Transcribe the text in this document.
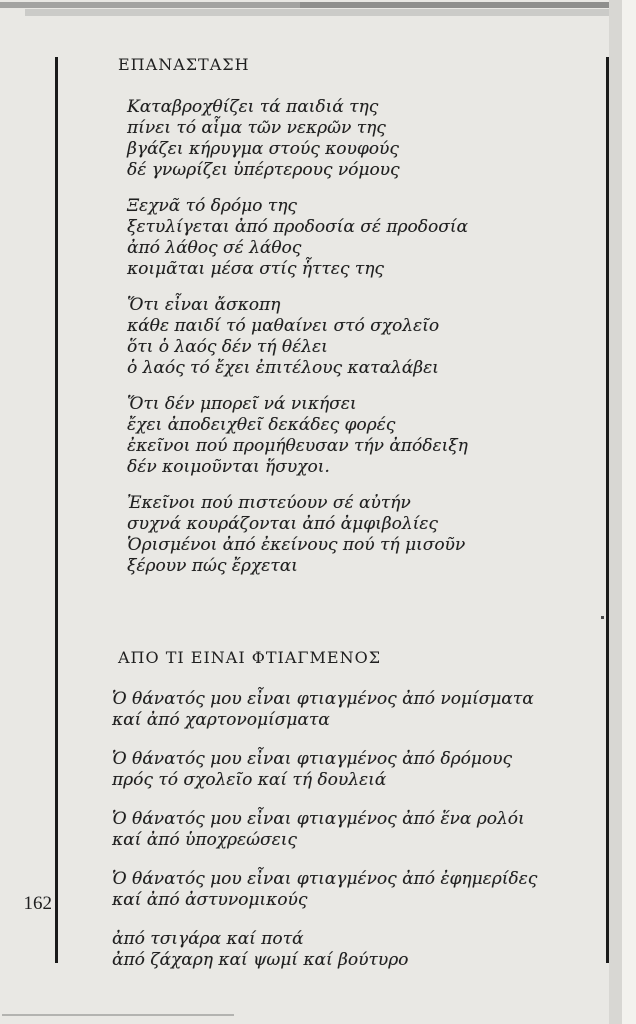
162
ΕΠΑΝΑΣΤΑΣΗ
Καταβροχθίζει τά παιδιά της
πίνει τό αἷμα τῶν νεκρῶν της
βγάζει κήρυγμα στούς κουφούς
δέ γνωρίζει ὑπέρτερους νόμους
Ξεχνᾶ τό δρόμο της
ξετυλίγεται ἀπό προδοσία σέ προδοσία
ἀπό λάθος σέ λάθος
κοιμᾶται μέσα στίς ἧττες της
Ὅτι εἶναι ἄσκοπη
κάθε παιδί τό μαθαίνει στό σχολεῖο
ὅτι ὁ λαός δέν τή θέλει
ὁ λαός τό ἔχει ἐπιτέλους καταλάβει
Ὅτι δέν μπορεῖ νά νικήσει
ἔχει ἀποδειχθεῖ δεκάδες φορές
ἐκεῖνοι πού προμήθευσαν τήν ἀπόδειξη
δέν κοιμοῦνται ἥσυχοι.
Ἐκεῖνοι πού πιστεύουν σέ αὐτήν
συχνά κουράζονται ἀπό ἀμφιβολίες
Ὁρισμένοι ἀπό ἐκείνους πού τή μισοῦν
ξέρουν πώς ἔρχεται
ΑΠΟ ΤΙ ΕΙΝΑΙ ΦΤΙΑΓΜΕΝΟΣ
Ὁ θάνατός μου εἶναι φτιαγμένος ἀπό νομίσματα
καί ἀπό χαρτονομίσματα
Ὁ θάνατός μου εἶναι φτιαγμένος ἀπό δρόμους
πρός τό σχολεῖο καί τή δουλειά
Ὁ θάνατός μου εἶναι φτιαγμένος ἀπό ἕνα ρολόι
καί ἀπό ὑποχρεώσεις
Ὁ θάνατός μου εἶναι φτιαγμένος ἀπό ἐφημερίδες
καί ἀπό ἀστυνομικούς
ἀπό τσιγάρα καί ποτά
ἀπό ζάχαρη καί ψωμί καί βούτυρο
